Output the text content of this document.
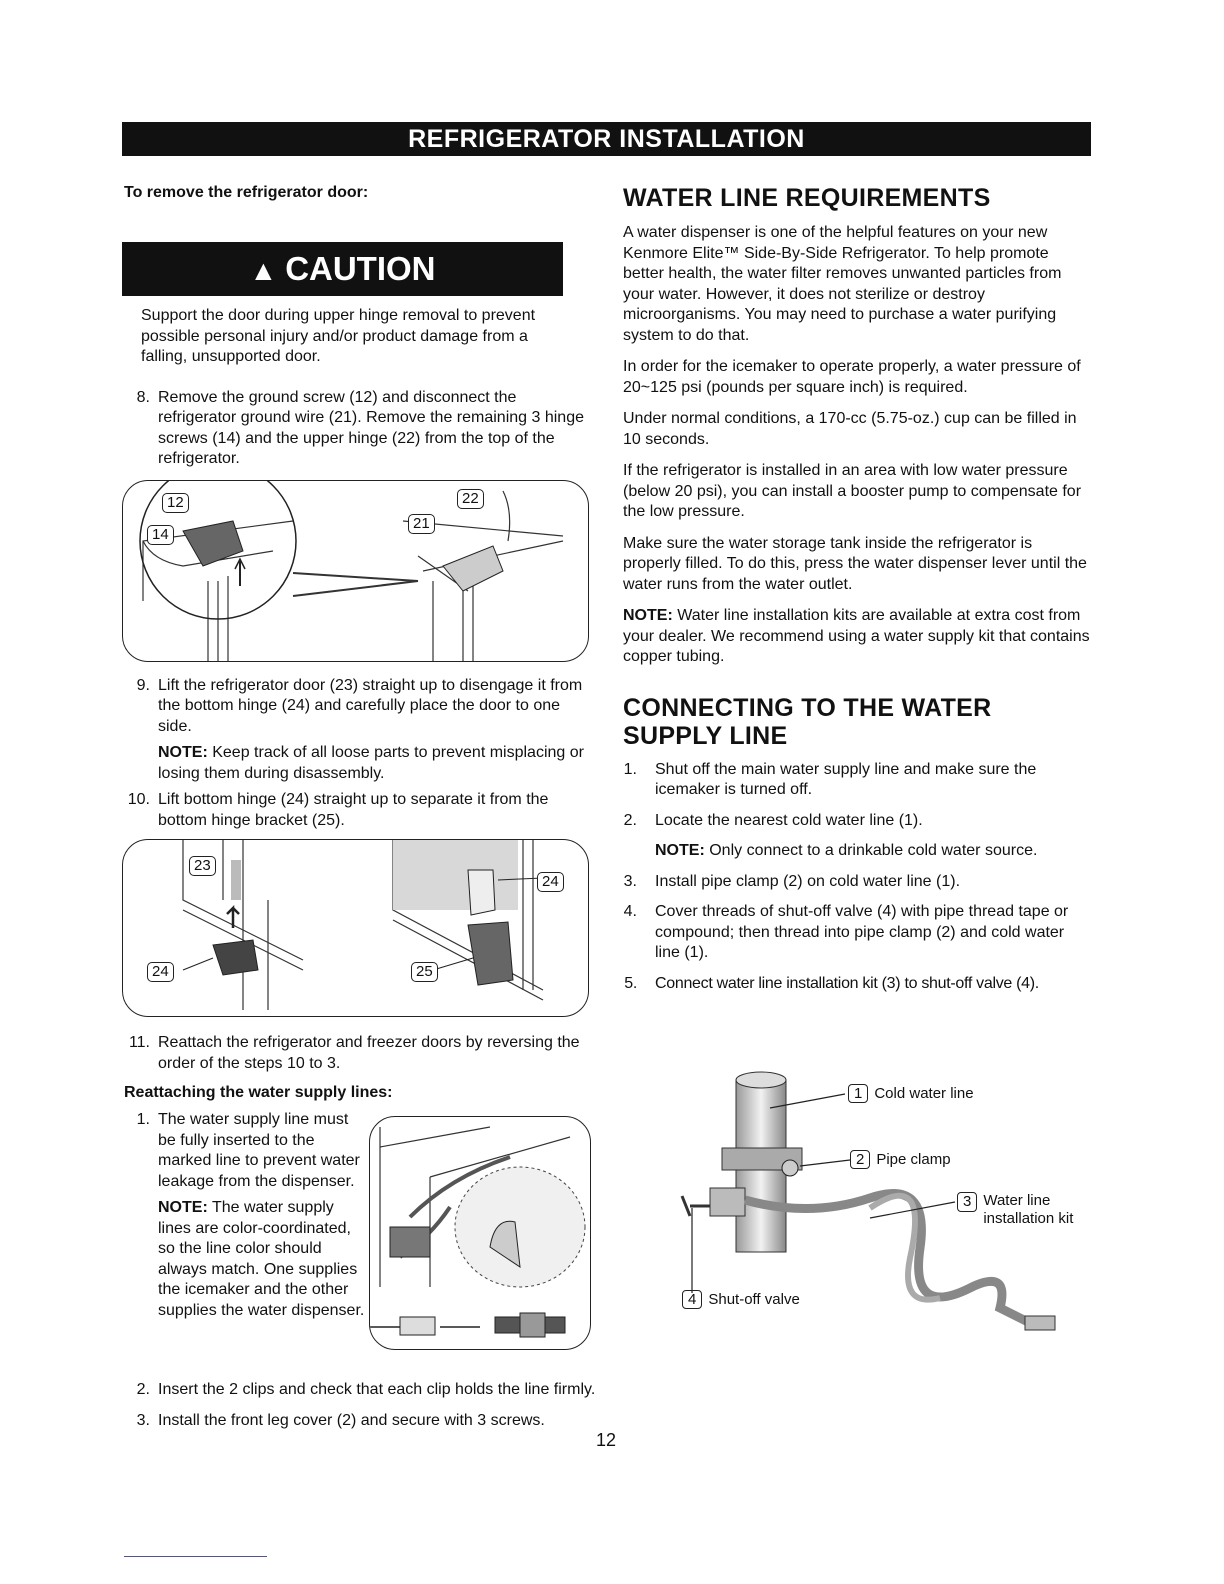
REFRIGERATOR INSTALLATION
To remove the refrigerator door:
▲ CAUTION

Support the door during upper hinge removal to prevent possible personal injury and/or product damage from a falling, unsupported door.

8. Remove the ground screw (12) and disconnect the refrigerator ground wire (21). Remove the remaining 3 hinge screws (14) and the upper hinge (22) from the top of the refrigerator.
12
14
21
22
9. Lift the refrigerator door (23) straight up to disengage it from the bottom hinge (24) and carefully place the door to one side.

NOTE: Keep track of all loose parts to prevent misplacing or losing them during disassembly.

10. Lift bottom hinge (24) straight up to separate it from the bottom hinge bracket (25).
23
24
24
25
11. Reattach the refrigerator and freezer doors by reversing the order of the steps 10 to 3.
Reattaching the water supply lines:
1. The water supply line must be fully inserted to the marked line to prevent water leakage from the dispenser.

NOTE: The water supply lines are color-coordinated, so the line color should always match. One supplies the icemaker and the other supplies the water dispenser.

2. Insert the 2 clips and check that each clip holds the line firmly.
3. Install the front leg cover (2) and secure with 3 screws.
WATER LINE REQUIREMENTS

A water dispenser is one of the helpful features on your new Kenmore Elite™ Side-By-Side Refrigerator. To help promote better health, the water filter removes unwanted particles from your water. However, it does not sterilize or destroy microorganisms. You may need to purchase a water purifying system to do that.

In order for the icemaker to operate properly, a water pressure of 20~125 psi (pounds per square inch) is required.

Under normal conditions, a 170-cc (5.75-oz.) cup can be filled in 10 seconds.

If the refrigerator is installed in an area with low water pressure (below 20 psi), you can install a booster pump to compensate for the low pressure.

Make sure the water storage tank inside the refrigerator is properly filled. To do this, press the water dispenser lever until the water runs from the water outlet.

NOTE: Water line installation kits are available at extra cost from your dealer. We recommend using a water supply kit that contains copper tubing.

CONNECTING TO THE WATER SUPPLY LINE
1. Shut off the main water supply line and make sure the icemaker is turned off.
2. Locate the nearest cold water line (1).

NOTE: Only connect to a drinkable cold water source.

3. Install pipe clamp (2) on cold water line (1).
4. Cover threads of shut-off valve (4) with pipe thread tape or compound; then thread into pipe clamp (2) and cold water line (1).
5. Connect water line installation kit (3) to shut-off valve (4).
1 Cold water line
2 Pipe clamp
3 Water line
installation kit
4 Shut-off valve
12
